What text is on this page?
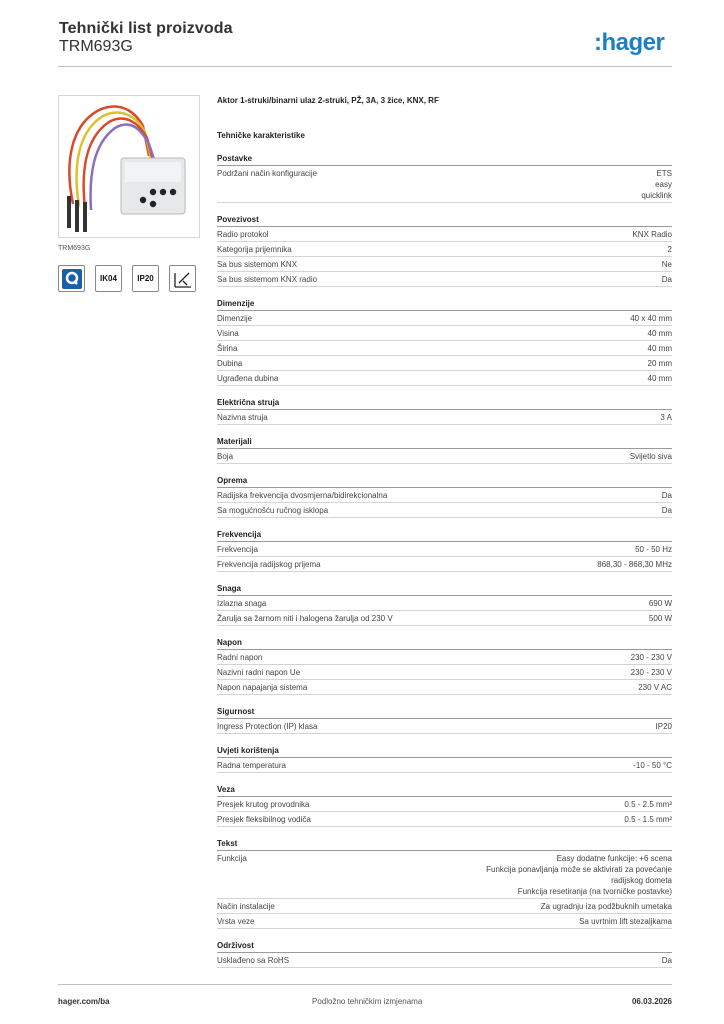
Tehnički list proizvoda
TRM693G	:hager
TRM693G
IK04	IP20
Aktor 1-struki/binarni ulaz 2-struki, PŽ, 3A, 3 žice, KNX, RF
Tehničke karakteristike
Postavke
Podržani način konfiguracije	ETS
easy
quicklink
Povezivost
Radio protokol	KNX Radio
Kategorija prijemnika	2
Sa bus sistemom KNX	Ne
Sa bus sistemom KNX radio	Da
Dimenzije
Dimenzije	40 x 40 mm
Visina	40 mm
Širina	40 mm
Dubina	20 mm
Ugrađena dubina	40 mm
Električna struja
Nazivna struja	3 A
Materijali
Boja	Svijetlo siva
Oprema
Radijska frekvencija dvosmjerna/bidirekcionalna	Da
Sa mogućnošću ručnog isklopa	Da
Frekvencija
Frekvencija	50 - 50 Hz
Frekvencija radijskog prijema	868,30 - 868,30 MHz
Snaga
Izlazna snaga	690 W
Žarulja sa žarnom niti i halogena žarulja od 230 V	500 W
Napon
Radni napon	230 - 230 V
Nazivni radni napon Ue	230 - 230 V
Napon napajanja sistema	230 V AC
Sigurnost
Ingress Protection (IP) klasa	IP20
Uvjeti korištenja
Radna temperatura	-10 - 50 °C
Veza
Presjek krutog provodnika	0.5 - 2.5 mm²
Presjek fleksibilnog vodiča	0.5 - 1.5 mm²
Tekst
Funkcija	Easy dodatne funkcije: +6 scena
Funkcija ponavljanja može se aktivirati za povećanje
radijskog dometa
Funkcija resetiranja (na tvorničke postavke)
Način instalacije	Za ugradnju iza podžbuknih umetaka
Vrsta veze	Sa uvrtnim lift stezaljkama
Održivost
Usklađeno sa RoHS	Da
hager.com/ba	Podložno tehničkim izmjenama	06.03.2026
